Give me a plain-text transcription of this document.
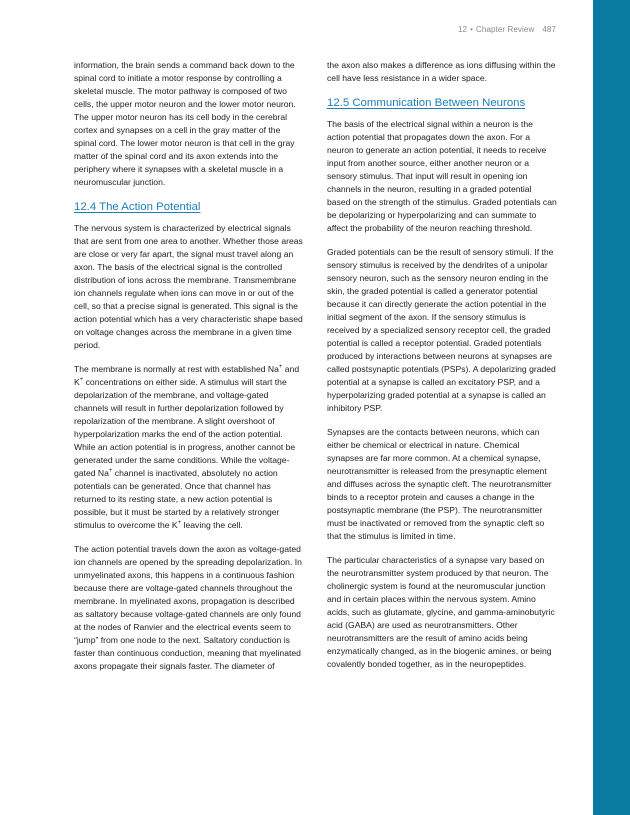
12 • Chapter Review 487

information, the brain sends a command back down to the spinal cord to initiate a motor response by controlling a skeletal muscle. The motor pathway is composed of two cells, the upper motor neuron and the lower motor neuron. The upper motor neuron has its cell body in the cerebral cortex and synapses on a cell in the gray matter of the spinal cord. The lower motor neuron is that cell in the gray matter of the spinal cord and its axon extends into the periphery where it synapses with a skeletal muscle in a neuromuscular junction.

12.4 The Action Potential

The nervous system is characterized by electrical signals that are sent from one area to another. Whether those areas are close or very far apart, the signal must travel along an axon. The basis of the electrical signal is the controlled distribution of ions across the membrane. Transmembrane ion channels regulate when ions can move in or out of the cell, so that a precise signal is generated. This signal is the action potential which has a very characteristic shape based on voltage changes across the membrane in a given time period.

The membrane is normally at rest with established Na+ and K+ concentrations on either side. A stimulus will start the depolarization of the membrane, and voltage-gated channels will result in further depolarization followed by repolarization of the membrane. A slight overshoot of hyperpolarization marks the end of the action potential. While an action potential is in progress, another cannot be generated under the same conditions. While the voltage-gated Na+ channel is inactivated, absolutely no action potentials can be generated. Once that channel has returned to its resting state, a new action potential is possible, but it must be started by a relatively stronger stimulus to overcome the K+ leaving the cell.

The action potential travels down the axon as voltage-gated ion channels are opened by the spreading depolarization. In unmyelinated axons, this happens in a continuous fashion because there are voltage-gated channels throughout the membrane. In myelinated axons, propagation is described as saltatory because voltage-gated channels are only found at the nodes of Ranvier and the electrical events seem to “jump” from one node to the next. Saltatory conduction is faster than continuous conduction, meaning that myelinated axons propagate their signals faster. The diameter of

the axon also makes a difference as ions diffusing within the cell have less resistance in a wider space.

12.5 Communication Between Neurons

The basis of the electrical signal within a neuron is the action potential that propagates down the axon. For a neuron to generate an action potential, it needs to receive input from another source, either another neuron or a sensory stimulus. That input will result in opening ion channels in the neuron, resulting in a graded potential based on the strength of the stimulus. Graded potentials can be depolarizing or hyperpolarizing and can summate to affect the probability of the neuron reaching threshold.

Graded potentials can be the result of sensory stimuli. If the sensory stimulus is received by the dendrites of a unipolar sensory neuron, such as the sensory neuron ending in the skin, the graded potential is called a generator potential because it can directly generate the action potential in the initial segment of the axon. If the sensory stimulus is received by a specialized sensory receptor cell, the graded potential is called a receptor potential. Graded potentials produced by interactions between neurons at synapses are called postsynaptic potentials (PSPs). A depolarizing graded potential at a synapse is called an excitatory PSP, and a hyperpolarizing graded potential at a synapse is called an inhibitory PSP.

Synapses are the contacts between neurons, which can either be chemical or electrical in nature. Chemical synapses are far more common. At a chemical synapse, neurotransmitter is released from the presynaptic element and diffuses across the synaptic cleft. The neurotransmitter binds to a receptor protein and causes a change in the postsynaptic membrane (the PSP). The neurotransmitter must be inactivated or removed from the synaptic cleft so that the stimulus is limited in time.

The particular characteristics of a synapse vary based on the neurotransmitter system produced by that neuron. The cholinergic system is found at the neuromuscular junction and in certain places within the nervous system. Amino acids, such as glutamate, glycine, and gamma-aminobutyric acid (GABA) are used as neurotransmitters. Other neurotransmitters are the result of amino acids being enzymatically changed, as in the biogenic amines, or being covalently bonded together, as in the neuropeptides.
